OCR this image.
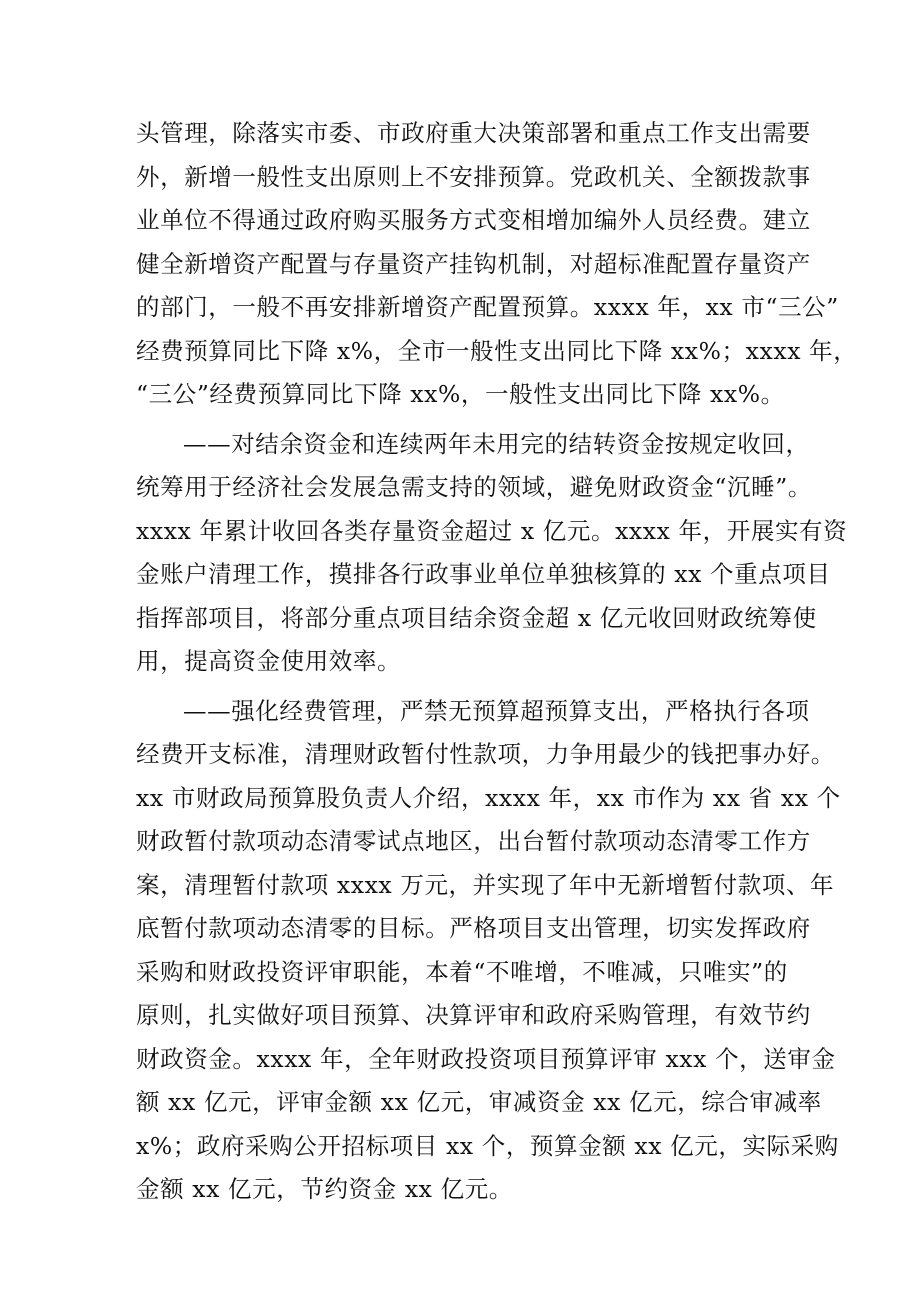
头管理，除落实市委、市政府重大决策部署和重点工作支出需要
外，新增一般性支出原则上不安排预算。党政机关、全额拨款事
业单位不得通过政府购买服务方式变相增加编外人员经费。建立
健全新增资产配置与存量资产挂钩机制，对超标准配置存量资产
的部门，一般不再安排新增资产配置预算。xxxx 年，xx 市“三公”
经费预算同比下降 x%，全市一般性支出同比下降 xx%；xxxx 年，
“三公”经费预算同比下降 xx%，一般性支出同比下降 xx%。
——对结余资金和连续两年未用完的结转资金按规定收回，
统筹用于经济社会发展急需支持的领域，避免财政资金“沉睡”。
xxxx 年累计收回各类存量资金超过 x 亿元。xxxx 年，开展实有资
金账户清理工作，摸排各行政事业单位单独核算的 xx 个重点项目
指挥部项目，将部分重点项目结余资金超 x 亿元收回财政统筹使
用，提高资金使用效率。
——强化经费管理，严禁无预算超预算支出，严格执行各项
经费开支标准，清理财政暂付性款项，力争用最少的钱把事办好。
xx 市财政局预算股负责人介绍，xxxx 年，xx 市作为 xx 省 xx 个
财政暂付款项动态清零试点地区，出台暂付款项动态清零工作方
案，清理暂付款项 xxxx 万元，并实现了年中无新增暂付款项、年
底暂付款项动态清零的目标。严格项目支出管理，切实发挥政府
采购和财政投资评审职能，本着“不唯增，不唯减，只唯实”的
原则，扎实做好项目预算、决算评审和政府采购管理，有效节约
财政资金。xxxx 年，全年财政投资项目预算评审 xxx 个，送审金
额 xx 亿元，评审金额 xx 亿元，审减资金 xx 亿元，综合审减率
x%；政府采购公开招标项目 xx 个，预算金额 xx 亿元，实际采购
金额 xx 亿元，节约资金 xx 亿元。
